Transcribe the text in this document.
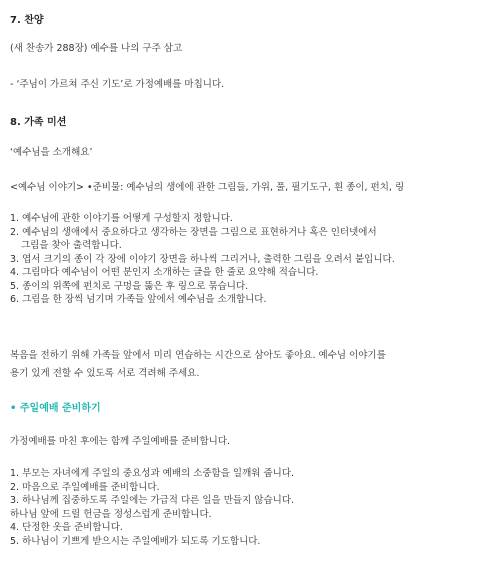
7. 찬양
(새 찬송가 288장) 예수를 나의 구주 삼고
- ‘주님이 가르쳐 주신 기도’로 가정예배를 마칩니다.
8. 가족 미션
‘예수님을 소개해요’
<예수님 이야기> •준비물: 예수님의 생에에 관한 그림들, 가위, 풀, 필기도구, 흰 종이, 펀치, 링
1. 예수님에 관한 이야기를 어떻게 구성할지 정합니다.
2. 예수님의 생애에서 중요하다고 생각하는 장면을 그림으로 표현하거나 혹은 인터넷에서
그림을 찾아 출력합니다.
3. 엽서 크기의 종이 각 장에 이야기 장면을 하나씩 그리거나, 출력한 그림을 오려서 붙입니다.
4. 그림마다 예수님이 어떤 분인지 소개하는 글을 한 줄로 요약해 적습니다.
5. 종이의 위쪽에 펀치로 구멍을 뚫은 후 링으로 묶습니다.
6. 그림을 한 장씩 넘기며 가족들 앞에서 예수님을 소개합니다.
복음을 전하기 위해 가족들 앞에서 미리 연습하는 시간으로 삼아도 좋아요. 예수님 이야기를
용기 있게 전할 수 있도록 서로 격려해 주세요.
• 주일예배 준비하기
가정예배를 마친 후에는 함께 주일예배를 준비합니다.
1. 부모는 자녀에게 주일의 중요성과 예배의 소중함을 일깨워 줍니다.
2. 마음으로 주일예배를 준비합니다.
3. 하나님께 집중하도록 주일에는 가급적 다른 일을 만들지 않습니다.
하나님 앞에 드릴 헌금을 정성스럽게 준비합니다.
4. 단정한 옷을 준비합니다.
5. 하나님이 기쁘게 받으시는 주일예배가 되도록 기도합니다.
